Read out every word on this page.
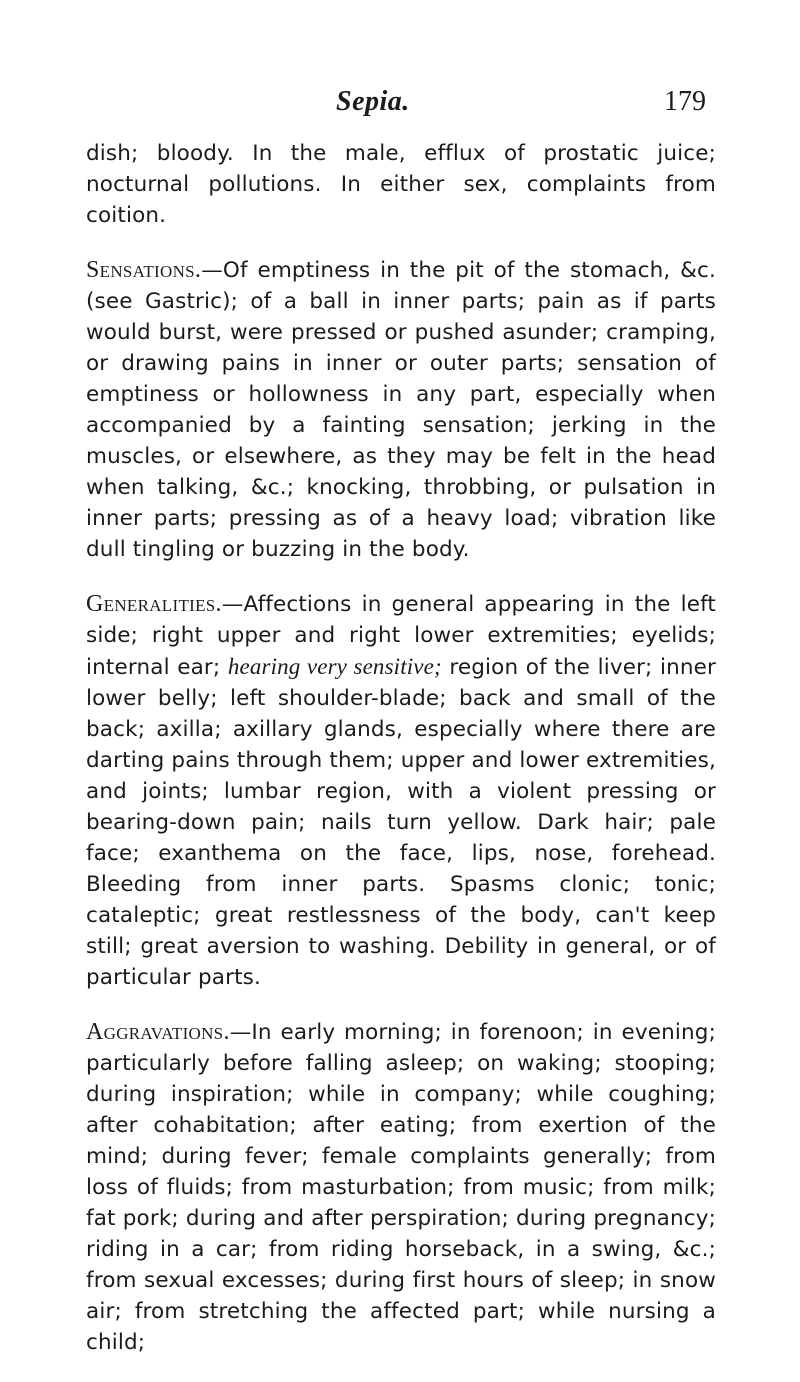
Sepia.	179

dish; bloody. In the male, efflux of prostatic juice; nocturnal pollutions. In either sex, complaints from coition.

Sensations.—Of emptiness in the pit of the stomach, &c. (see Gastric); of a ball in inner parts; pain as if parts would burst, were pressed or pushed asunder; cramping, or drawing pains in inner or outer parts; sensation of emptiness or hollowness in any part, especially when accompanied by a fainting sensation; jerking in the muscles, or elsewhere, as they may be felt in the head when talking, &c.; knocking, throbbing, or pulsation in inner parts; pressing as of a heavy load; vibration like dull tingling or buzzing in the body.

Generalities.—Affections in general appearing in the left side; right upper and right lower extremities; eyelids; internal ear; hearing very sensitive; region of the liver; inner lower belly; left shoulder-blade; back and small of the back; axilla; axillary glands, especially where there are darting pains through them; upper and lower extremities, and joints; lumbar region, with a violent pressing or bearing-down pain; nails turn yellow. Dark hair; pale face; exanthema on the face, lips, nose, forehead. Bleeding from inner parts. Spasms clonic; tonic; cataleptic; great restlessness of the body, can't keep still; great aversion to washing. Debility in general, or of particular parts.

Aggravations.—In early morning; in forenoon; in evening; particularly before falling asleep; on waking; stooping; during inspiration; while in company; while coughing; after cohabitation; after eating; from exertion of the mind; during fever; female complaints generally; from loss of fluids; from masturbation; from music; from milk; fat pork; during and after perspiration; during pregnancy; riding in a car; from riding horseback, in a swing, &c.; from sexual excesses; during first hours of sleep; in snow air; from stretching the affected part; while nursing a child;
